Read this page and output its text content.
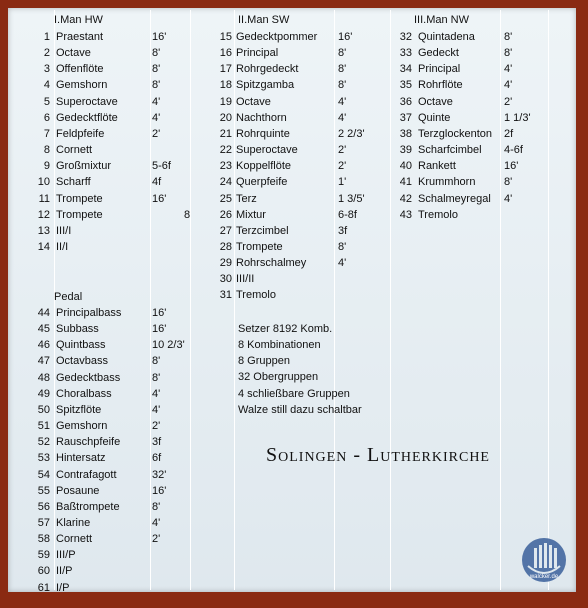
I.Man HW	II.Man SW	III.Man NW
Pedal
1 Praestant	16'
2 Octave	8'
3 Offenflöte	8'
4 Gemshorn	8'
5 Superoctave	4'
6 Gedecktflöte	4'
7 Feldpfeife	2'
8 Cornett
9 Großmixtur	5-6f
10 Scharff	4f
11 Trompete	16'
12 Trompete	8
13 III/I
14 II/I
44 Principalbass	16'
45 Subbass	16'
46 Quintbass	10 2/3'
47 Octavbass	8'
48 Gedecktbass	8'
49 Choralbass	4'
50 Spitzflöte	4'
51 Gemshorn	2'
52 Rauschpfeife	3f
53 Hintersatz	6f
54 Contrafagott	32'
55 Posaune	16'
56 Baßtrompete	8'
57 Klarine	4'
58 Cornett	2'
59 III/P
60 II/P
61 I/P
15 Gedecktpommer 16'
16 Principal	8'
17 Rohrgedeckt	8'
18 Spitzgamba	8'
19 Octave	4'
20 Nachthorn	4'
21 Rohrquinte	2 2/3'
22 Superoctave	2'
23 Koppelflöte	2'
24 Querpfeife	1'
25 Terz	1 3/5'
26 Mixtur	6-8f
27 Terzcimbel	3f
28 Trompete	8'
29 Rohrschalmey	4'
30 III/II
31 Tremolo
32 Quintadena	8'
33 Gedeckt	8'
34 Principal	4'
35 Rohrflöte	4'
36 Octave	2'
37 Quinte	1 1/3'
38 Terzglockenton 2f
39 Scharfcimbel 4-6f
40 Rankett	16'
41 Krummhorn	8'
42 Schalmeyregal 4'
43 Tremolo
Setzer 8192 Komb.
8 Kombinationen
8 Gruppen
32 Obergruppen
4 schließbare Gruppen
Walze still dazu schaltbar
Solingen - Lutherkirche
walcker.de
